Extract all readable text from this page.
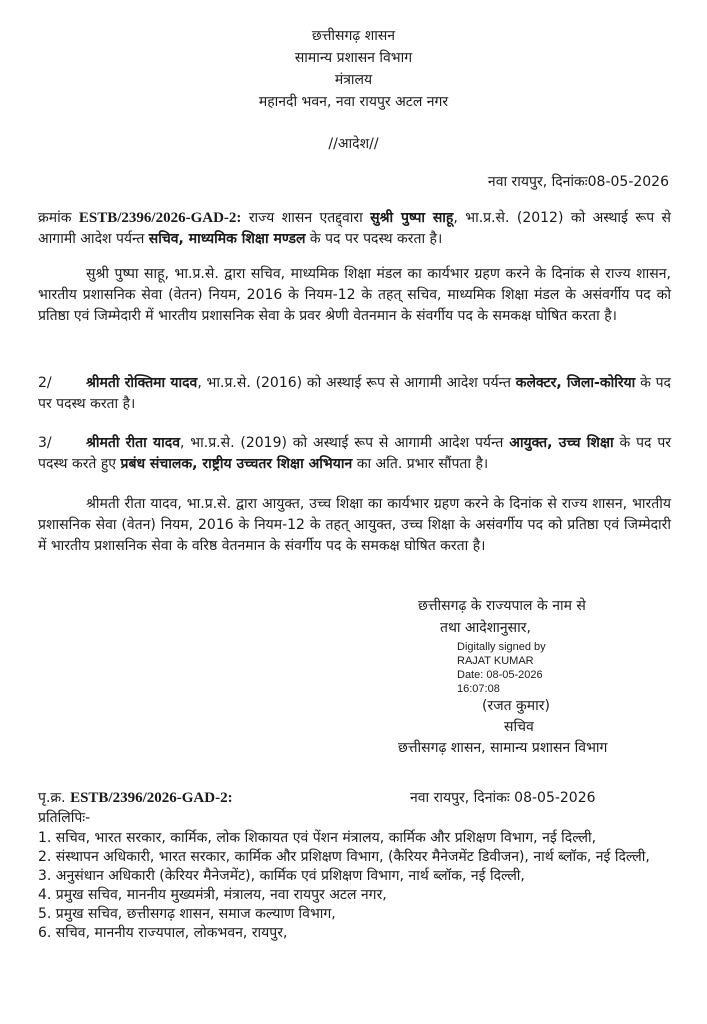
छत्तीसगढ़ शासन
सामान्य प्रशासन विभाग
मंत्रालय
महानदी भवन, नवा रायपुर अटल नगर
//आदेश//
नवा रायपुर, दिनांकः08-05-2026
क्रमांक ESTB/2396/2026-GAD-2: राज्य शासन एतद्द्वारा सुश्री पुष्पा साहू, भा.प्र.से. (2012) को अस्थाई रूप से आगामी आदेश पर्यन्त सचिव, माध्यमिक शिक्षा मण्डल के पद पर पदस्थ करता है।
सुश्री पुष्पा साहू, भा.प्र.से. द्वारा सचिव, माध्यमिक शिक्षा मंडल का कार्यभार ग्रहण करने के दिनांक से राज्य शासन, भारतीय प्रशासनिक सेवा (वेतन) नियम, 2016 के नियम-12 के तहत् सचिव, माध्यमिक शिक्षा मंडल के असंवर्गीय पद को प्रतिष्ठा एवं जिम्मेदारी में भारतीय प्रशासनिक सेवा के प्रवर श्रेणी वेतनमान के संवर्गीय पद के समकक्ष घोषित करता है।
2/ श्रीमती रोक्तिमा यादव, भा.प्र.से. (2016) को अस्थाई रूप से आगामी आदेश पर्यन्त कलेक्टर, जिला-कोरिया के पद पर पदस्थ करता है।
3/ श्रीमती रीता यादव, भा.प्र.से. (2019) को अस्थाई रूप से आगामी आदेश पर्यन्त आयुक्त, उच्च शिक्षा के पद पर पदस्थ करते हुए प्रबंध संचालक, राष्ट्रीय उच्चतर शिक्षा अभियान का अति. प्रभार सौंपता है।
श्रीमती रीता यादव, भा.प्र.से. द्वारा आयुक्त, उच्च शिक्षा का कार्यभार ग्रहण करने के दिनांक से राज्य शासन, भारतीय प्रशासनिक सेवा (वेतन) नियम, 2016 के नियम-12 के तहत् आयुक्त, उच्च शिक्षा के असंवर्गीय पद को प्रतिष्ठा एवं जिम्मेदारी में भारतीय प्रशासनिक सेवा के वरिष्ठ वेतनमान के संवर्गीय पद के समकक्ष घोषित करता है।
छत्तीसगढ़ के राज्यपाल के नाम से
तथा आदेशानुसार,
Digitally signed by
RAJAT KUMAR
Date: 08-05-2026
16:07:08
(रजत कुमार)
सचिव
छत्तीसगढ़ शासन, सामान्य प्रशासन विभाग
पृ.क्र. ESTB/2396/2026-GAD-2:	नवा रायपुर, दिनांकः 08-05-2026
प्रतिलिपिः-
1. सचिव, भारत सरकार, कार्मिक, लोक शिकायत एवं पेंशन मंत्रालय, कार्मिक और प्रशिक्षण विभाग, नई दिल्ली,
2. संस्थापन अधिकारी, भारत सरकार, कार्मिक और प्रशिक्षण विभाग, (कैरियर मैनेजमेंट डिवीजन), नार्थ ब्लॉक, नई दिल्ली,
3. अनुसंधान अधिकारी (केरियर मैनेजमेंट), कार्मिक एवं प्रशिक्षण विभाग, नार्थ ब्लॉक, नई दिल्ली,
4. प्रमुख सचिव, माननीय मुख्यमंत्री, मंत्रालय, नवा रायपुर अटल नगर,
5. प्रमुख सचिव, छत्तीसगढ़ शासन, समाज कल्याण विभाग,
6. सचिव, माननीय राज्यपाल, लोकभवन, रायपुर,
